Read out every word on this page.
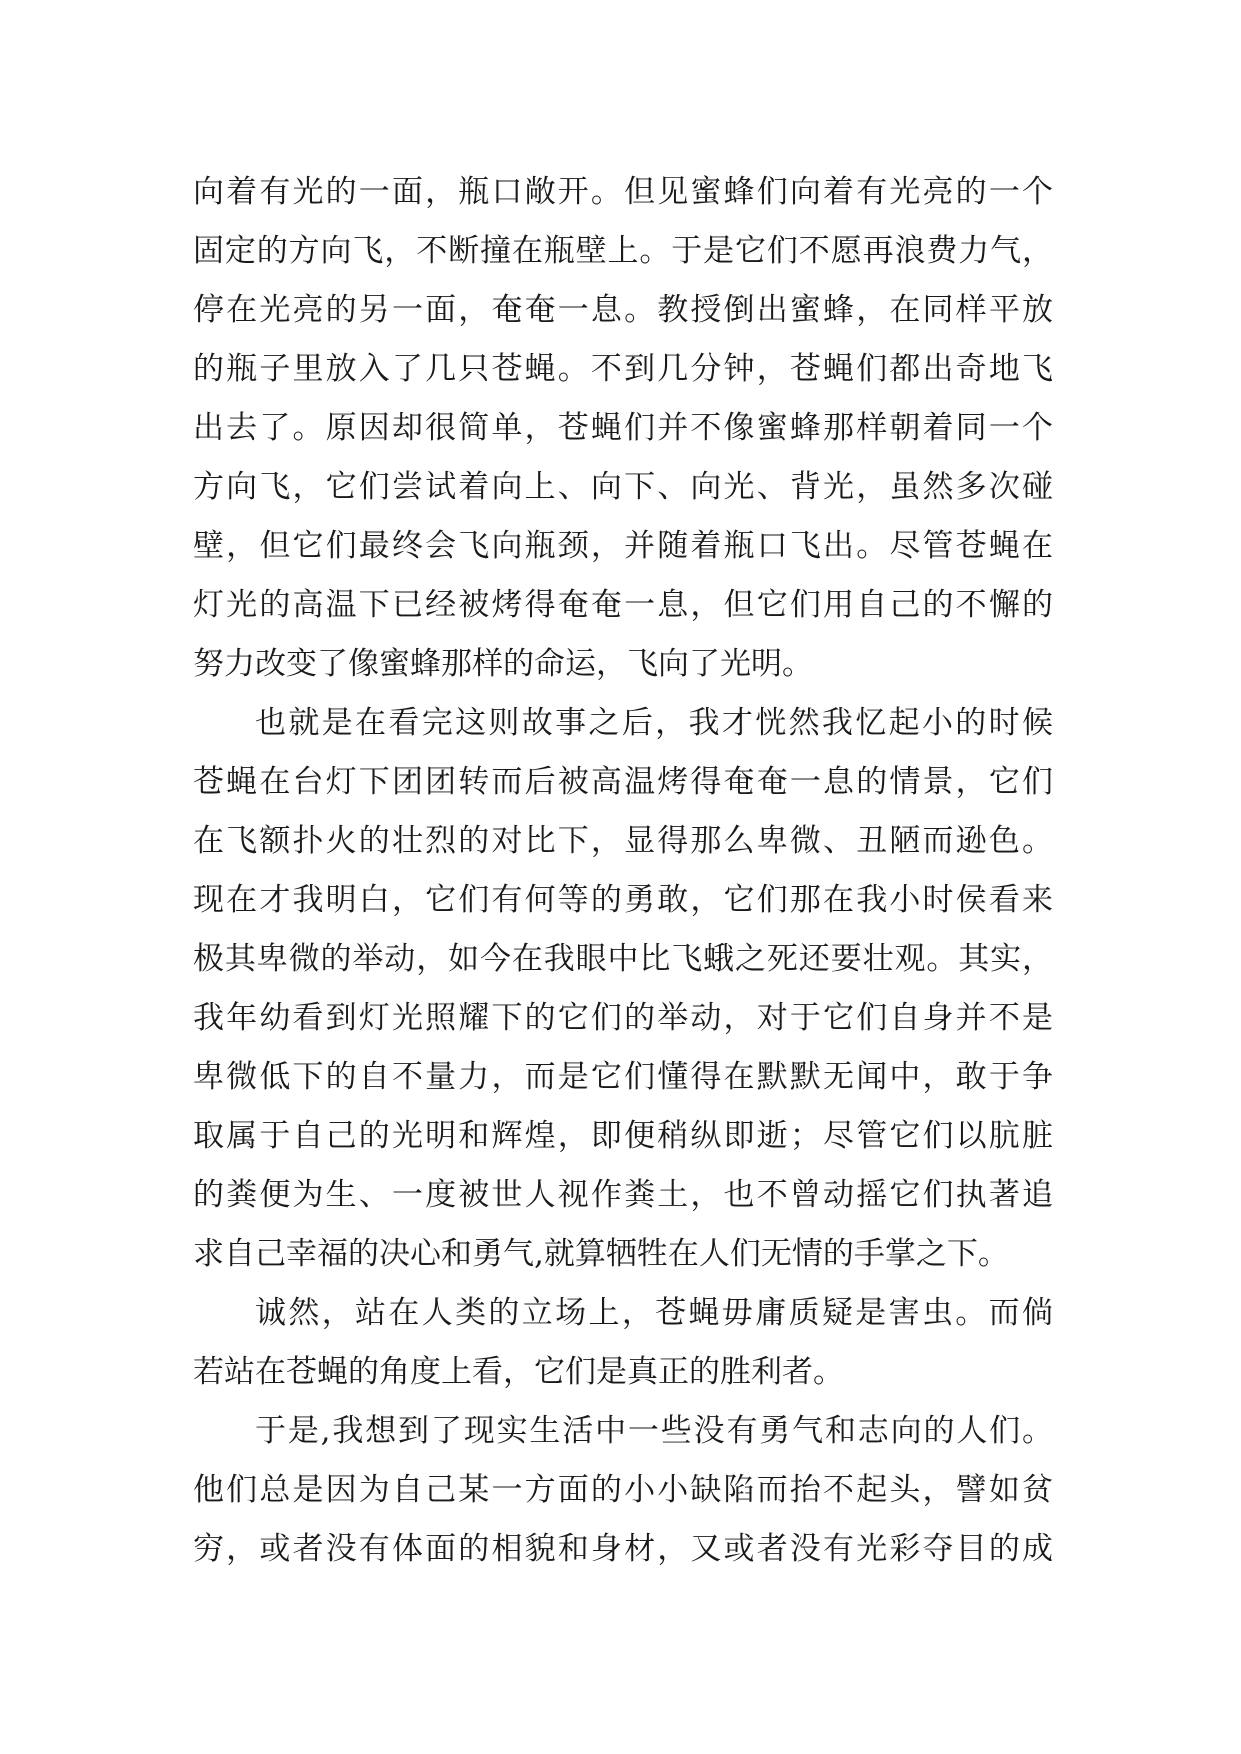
向着有光的一面，瓶口敞开。但见蜜蜂们向着有光亮的一个
固定的方向飞，不断撞在瓶壁上。于是它们不愿再浪费力气，
停在光亮的另一面，奄奄一息。教授倒出蜜蜂，在同样平放
的瓶子里放入了几只苍蝇。不到几分钟，苍蝇们都出奇地飞
出去了。原因却很简单，苍蝇们并不像蜜蜂那样朝着同一个
方向飞，它们尝试着向上、向下、向光、背光，虽然多次碰
壁，但它们最终会飞向瓶颈，并随着瓶口飞出。尽管苍蝇在
灯光的高温下已经被烤得奄奄一息，但它们用自己的不懈的
努力改变了像蜜蜂那样的命运，飞向了光明。
也就是在看完这则故事之后，我才恍然我忆起小的时候
苍蝇在台灯下团团转而后被高温烤得奄奄一息的情景，它们
在飞额扑火的壮烈的对比下，显得那么卑微、丑陋而逊色。
现在才我明白，它们有何等的勇敢，它们那在我小时侯看来
极其卑微的举动，如今在我眼中比飞蛾之死还要壮观。其实，
我年幼看到灯光照耀下的它们的举动，对于它们自身并不是
卑微低下的自不量力，而是它们懂得在默默无闻中，敢于争
取属于自己的光明和辉煌，即便稍纵即逝；尽管它们以肮脏
的粪便为生、一度被世人视作粪土，也不曾动摇它们执著追
求自己幸福的决心和勇气,就算牺牲在人们无情的手掌之下。
诚然，站在人类的立场上，苍蝇毋庸质疑是害虫。而倘
若站在苍蝇的角度上看，它们是真正的胜利者。
于是,我想到了现实生活中一些没有勇气和志向的人们。
他们总是因为自己某一方面的小小缺陷而抬不起头，譬如贫
穷，或者没有体面的相貌和身材，又或者没有光彩夺目的成
